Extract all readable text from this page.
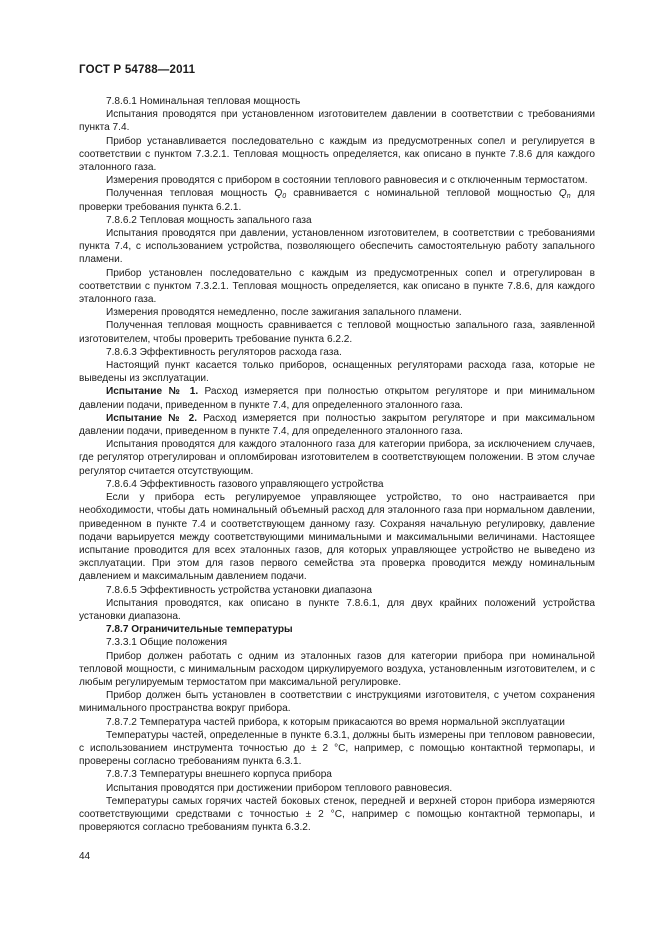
ГОСТ Р 54788—2011

7.8.6.1 Номинальная тепловая мощность

Испытания проводятся при установленном изготовителем давлении в соответствии с требованиями пункта 7.4.

Прибор устанавливается последовательно с каждым из предусмотренных сопел и регулируется в соответствии с пунктом 7.3.2.1. Тепловая мощность определяется, как описано в пункте 7.8.6 для каждого эталонного газа.

Измерения проводятся с прибором в состоянии теплового равновесия и с отключенным термостатом.

Полученная тепловая мощность $Q_0$ сравнивается с номинальной тепловой мощностью $Q_n$ для проверки требования пункта 6.2.1.

7.8.6.2 Тепловая мощность запального газа

Испытания проводятся при давлении, установленном изготовителем, в соответствии с требованиями пункта 7.4, с использованием устройства, позволяющего обеспечить самостоятельную работу запального пламени.

Прибор установлен последовательно с каждым из предусмотренных сопел и отрегулирован в соответствии с пунктом 7.3.2.1. Тепловая мощность определяется, как описано в пункте 7.8.6, для каждого эталонного газа.

Измерения проводятся немедленно, после зажигания запального пламени.

Полученная тепловая мощность сравнивается с тепловой мощностью запального газа, заявленной изготовителем, чтобы проверить требование пункта 6.2.2.

7.8.6.3 Эффективность регуляторов расхода газа.

Настоящий пункт касается только приборов, оснащенных регуляторами расхода газа, которые не выведены из эксплуатации.

Испытание № 1. Расход измеряется при полностью открытом регуляторе и при минимальном давлении подачи, приведенном в пункте 7.4, для определенного эталонного газа.

Испытание № 2. Расход измеряется при полностью закрытом регуляторе и при максимальном давлении подачи, приведенном в пункте 7.4, для определенного эталонного газа.

Испытания проводятся для каждого эталонного газа для категории прибора, за исключением случаев, где регулятор отрегулирован и опломбирован изготовителем в соответствующем положении. В этом случае регулятор считается отсутствующим.

7.8.6.4 Эффективность газового управляющего устройства

Если у прибора есть регулируемое управляющее устройство, то оно настраивается при необходимости, чтобы дать номинальный объемный расход для эталонного газа при нормальном давлении, приведенном в пункте 7.4 и соответствующем данному газу. Сохраняя начальную регулировку, давление подачи варьируется между соответствующими минимальными и максимальными величинами. Настоящее испытание проводится для всех эталонных газов, для которых управляющее устройство не выведено из эксплуатации. При этом для газов первого семейства эта проверка проводится между номинальным давлением и максимальным давлением подачи.

7.8.6.5 Эффективность устройства установки диапазона

Испытания проводятся, как описано в пункте 7.8.6.1, для двух крайних положений устройства установки диапазона.

7.8.7 Ограничительные температуры

7.3.3.1 Общие положения

Прибор должен работать с одним из эталонных газов для категории прибора при номинальной тепловой мощности, с минимальным расходом циркулируемого воздуха, установленным изготовителем, и с любым регулируемым термостатом при максимальной регулировке.

Прибор должен быть установлен в соответствии с инструкциями изготовителя, с учетом сохранения минимального пространства вокруг прибора.

7.8.7.2 Температура частей прибора, к которым прикасаются во время нормальной эксплуатации

Температуры частей, определенные в пункте 6.3.1, должны быть измерены при тепловом равновесии, с использованием инструмента точностью до ± 2 °C, например, с помощью контактной термопары, и проверены согласно требованиям пункта 6.3.1.

7.8.7.3 Температуры внешнего корпуса прибора

Испытания проводятся при достижении прибором теплового равновесия.

Температуры самых горячих частей боковых стенок, передней и верхней сторон прибора измеряются соответствующими средствами с точностью ± 2 °C, например с помощью контактной термопары, и проверяются согласно требованиям пункта 6.3.2.

44
